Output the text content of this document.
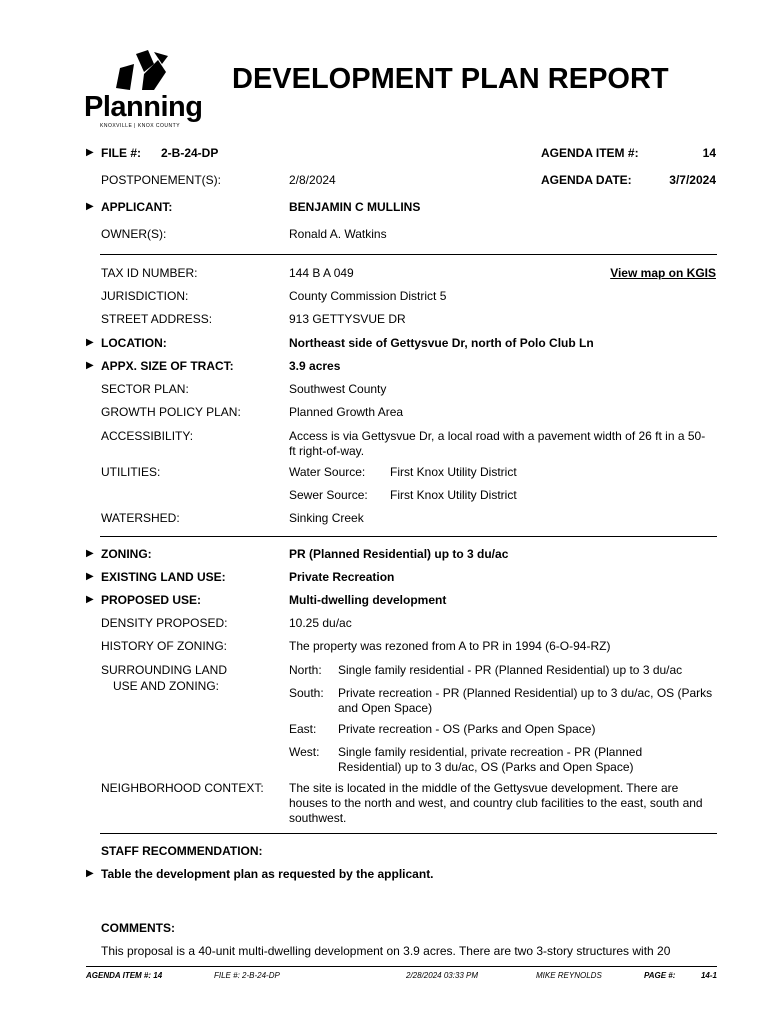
Planning
KNOXVILLE | KNOX COUNTY
DEVELOPMENT PLAN REPORT
▶ FILE #: 2-B-24-DP	AGENDA ITEM #:	14
POSTPONEMENT(S):	2/8/2024	AGENDA DATE:	3/7/2024
▶ APPLICANT:	BENJAMIN C MULLINS
OWNER(S):	Ronald A. Watkins
TAX ID NUMBER:	144 B A 049	View map on KGIS
JURISDICTION:	County Commission District 5
STREET ADDRESS:	913 GETTYSVUE DR
▶ LOCATION:	Northeast side of Gettysvue Dr, north of Polo Club Ln
▶ APPX. SIZE OF TRACT:	3.9 acres
SECTOR PLAN:	Southwest County
GROWTH POLICY PLAN:	Planned Growth Area
ACCESSIBILITY:	Access is via Gettysvue Dr, a local road with a pavement width of 26 ft in a 50-ft right-of-way.
UTILITIES:	Water Source: First Knox Utility District
Sewer Source: First Knox Utility District
WATERSHED:	Sinking Creek
▶ ZONING:	PR (Planned Residential) up to 3 du/ac
▶ EXISTING LAND USE:	Private Recreation
▶ PROPOSED USE:	Multi-dwelling development
DENSITY PROPOSED:	10.25 du/ac
HISTORY OF ZONING:	The property was rezoned from A to PR in 1994 (6-O-94-RZ)
SURROUNDING LAND	North: Single family residential - PR (Planned Residential) up to 3 du/ac
USE AND ZONING:	South: Private recreation - PR (Planned Residential) up to 3 du/ac, OS (Parks and Open Space)
East: Private recreation - OS (Parks and Open Space)
West: Single family residential, private recreation - PR (Planned Residential) up to 3 du/ac, OS (Parks and Open Space)
NEIGHBORHOOD CONTEXT: The site is located in the middle of the Gettysvue development. There are houses to the north and west, and country club facilities to the east, south and southwest.
STAFF RECOMMENDATION:
▶ Table the development plan as requested by the applicant.
COMMENTS:
This proposal is a 40-unit multi-dwelling development on 3.9 acres. There are two 3-story structures with 20
AGENDA ITEM #: 14	FILE #: 2-B-24-DP	2/28/2024 03:33 PM	MIKE REYNOLDS	PAGE #:	14-1
